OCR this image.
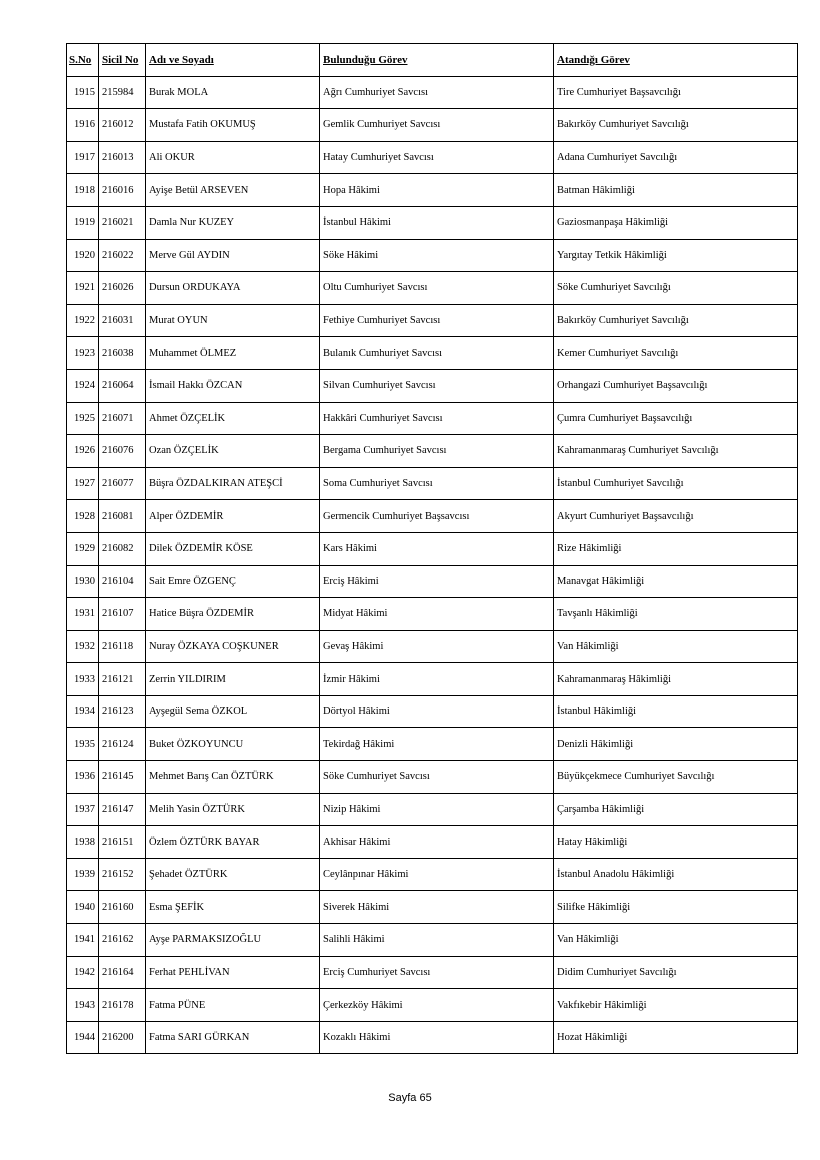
S.No	Sicil No	Adı ve Soyadı	Bulunduğu Görev	Atandığı Görev
1915	215984	Burak MOLA	Ağrı Cumhuriyet Savcısı	Tire Cumhuriyet Başsavcılığı
1916	216012	Mustafa Fatih OKUMUŞ	Gemlik Cumhuriyet Savcısı	Bakırköy Cumhuriyet Savcılığı
1917	216013	Ali OKUR	Hatay Cumhuriyet Savcısı	Adana Cumhuriyet Savcılığı
1918	216016	Ayişe Betül ARSEVEN	Hopa Hâkimi	Batman Hâkimliği
1919	216021	Damla Nur KUZEY	İstanbul Hâkimi	Gaziosmanpaşa Hâkimliği
1920	216022	Merve Gül AYDIN	Söke Hâkimi	Yargıtay Tetkik Hâkimliği
1921	216026	Dursun ORDUKAYA	Oltu Cumhuriyet Savcısı	Söke Cumhuriyet Savcılığı
1922	216031	Murat OYUN	Fethiye Cumhuriyet Savcısı	Bakırköy Cumhuriyet Savcılığı
1923	216038	Muhammet ÖLMEZ	Bulanık Cumhuriyet Savcısı	Kemer Cumhuriyet Savcılığı
1924	216064	İsmail Hakkı ÖZCAN	Silvan Cumhuriyet Savcısı	Orhangazi Cumhuriyet Başsavcılığı
1925	216071	Ahmet ÖZÇELİK	Hakkâri Cumhuriyet Savcısı	Çumra Cumhuriyet Başsavcılığı
1926	216076	Ozan ÖZÇELİK	Bergama Cumhuriyet Savcısı	Kahramanmaraş Cumhuriyet Savcılığı
1927	216077	Büşra ÖZDALKIRAN ATEŞCİ	Soma Cumhuriyet Savcısı	İstanbul Cumhuriyet Savcılığı
1928	216081	Alper ÖZDEMİR	Germencik Cumhuriyet Başsavcısı	Akyurt Cumhuriyet Başsavcılığı
1929	216082	Dilek ÖZDEMİR KÖSE	Kars Hâkimi	Rize Hâkimliği
1930	216104	Sait Emre ÖZGENÇ	Erciş Hâkimi	Manavgat Hâkimliği
1931	216107	Hatice Büşra ÖZDEMİR	Midyat Hâkimi	Tavşanlı Hâkimliği
1932	216118	Nuray ÖZKAYA COŞKUNER	Gevaş Hâkimi	Van Hâkimliği
1933	216121	Zerrin YILDIRIM	İzmir Hâkimi	Kahramanmaraş Hâkimliği
1934	216123	Ayşegül Sema ÖZKOL	Dörtyol Hâkimi	İstanbul Hâkimliği
1935	216124	Buket ÖZKOYUNCU	Tekirdağ Hâkimi	Denizli Hâkimliği
1936	216145	Mehmet Barış Can ÖZTÜRK	Söke Cumhuriyet Savcısı	Büyükçekmece Cumhuriyet Savcılığı
1937	216147	Melih Yasin ÖZTÜRK	Nizip Hâkimi	Çarşamba Hâkimliği
1938	216151	Özlem ÖZTÜRK BAYAR	Akhisar Hâkimi	Hatay Hâkimliği
1939	216152	Şehadet ÖZTÜRK	Ceylânpınar Hâkimi	İstanbul Anadolu Hâkimliği
1940	216160	Esma ŞEFİK	Siverek Hâkimi	Silifke Hâkimliği
1941	216162	Ayşe PARMAKSIZOĞLU	Salihli Hâkimi	Van Hâkimliği
1942	216164	Ferhat PEHLİVAN	Erciş Cumhuriyet Savcısı	Didim Cumhuriyet Savcılığı
1943	216178	Fatma PÜNE	Çerkezköy Hâkimi	Vakfıkebir Hâkimliği
1944	216200	Fatma SARI GÜRKAN	Kozaklı Hâkimi	Hozat Hâkimliği
Sayfa 65
